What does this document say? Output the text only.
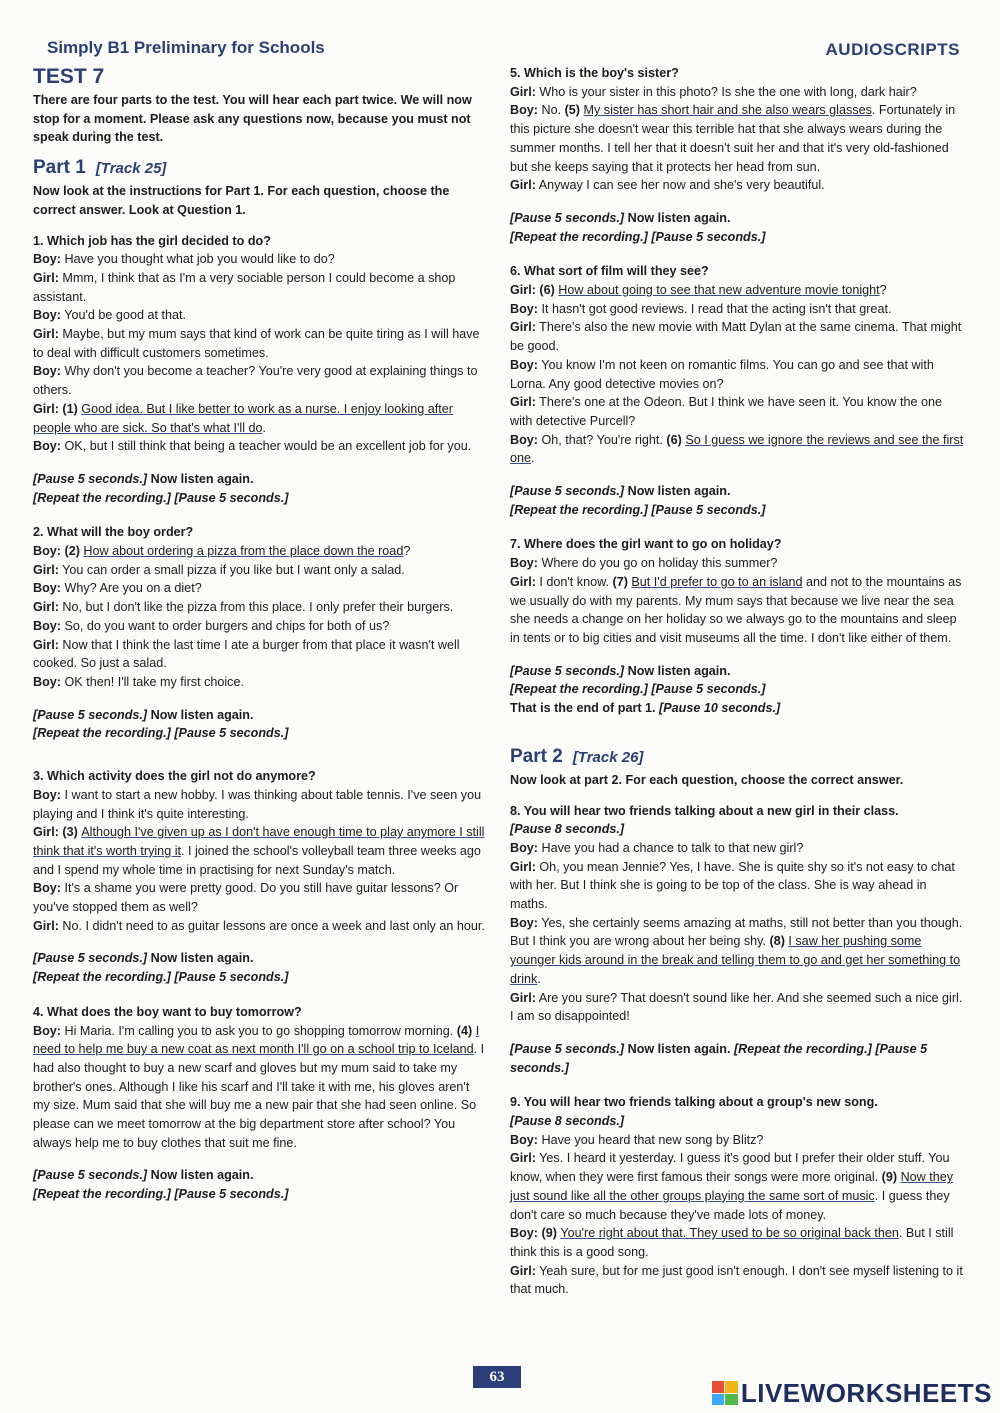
Simply B1 Preliminary for Schools	AUDIOSCRIPTS
TEST 7

There are four parts to the test. You will hear each part twice. We will now stop for a moment. Please ask any questions now, because you must not speak during the test.

Part 1 [Track 25]

Now look at the instructions for Part 1. For each question, choose the correct answer. Look at Question 1.

1. Which job has the girl decided to do?

Boy: Have you thought what job you would like to do?

Girl: Mmm, I think that as I'm a very sociable person I could become a shop assistant.

Boy: You'd be good at that.

Girl: Maybe, but my mum says that kind of work can be quite tiring as I will have to deal with difficult customers sometimes.

Boy: Why don't you become a teacher? You're very good at explaining things to others.

Girl: (1) Good idea. But I like better to work as a nurse. I enjoy looking after people who are sick. So that's what I'll do.

Boy: OK, but I still think that being a teacher would be an excellent job for you.

[Pause 5 seconds.] Now listen again.
[Repeat the recording.] [Pause 5 seconds.]

2. What will the boy order?

Boy: (2) How about ordering a pizza from the place down the road?

Girl: You can order a small pizza if you like but I want only a salad.

Boy: Why? Are you on a diet?

Girl: No, but I don't like the pizza from this place. I only prefer their burgers.

Boy: So, do you want to order burgers and chips for both of us?

Girl: Now that I think the last time I ate a burger from that place it wasn't well cooked. So just a salad.

Boy: OK then! I'll take my first choice.

[Pause 5 seconds.] Now listen again.
[Repeat the recording.] [Pause 5 seconds.]

3. Which activity does the girl not do anymore?

Boy: I want to start a new hobby. I was thinking about table tennis. I've seen you playing and I think it's quite interesting.

Girl: (3) Although I've given up as I don't have enough time to play anymore I still think that it's worth trying it. I joined the school's volleyball team three weeks ago and I spend my whole time in practising for next Sunday's match.

Boy: It's a shame you were pretty good. Do you still have guitar lessons? Or you've stopped them as well?

Girl: No. I didn't need to as guitar lessons are once a week and last only an hour.

[Pause 5 seconds.] Now listen again.
[Repeat the recording.] [Pause 5 seconds.]

4. What does the boy want to buy tomorrow?

Boy: Hi Maria. I'm calling you to ask you to go shopping tomorrow morning. (4) I need to help me buy a new coat as next month I'll go on a school trip to Iceland. I had also thought to buy a new scarf and gloves but my mum said to take my brother's ones. Although I like his scarf and I'll take it with me, his gloves aren't my size. Mum said that she will buy me a new pair that she had seen online. So please can we meet tomorrow at the big department store after school? You always help me to buy clothes that suit me fine.

[Pause 5 seconds.] Now listen again.
[Repeat the recording.] [Pause 5 seconds.]

5. Which is the boy's sister?

Girl: Who is your sister in this photo? Is she the one with long, dark hair?

Boy: No. (5) My sister has short hair and she also wears glasses. Fortunately in this picture she doesn't wear this terrible hat that she always wears during the summer months. I tell her that it doesn't suit her and that it's very old-fashioned but she keeps saying that it protects her head from sun.

Girl: Anyway I can see her now and she's very beautiful.

[Pause 5 seconds.] Now listen again.
[Repeat the recording.] [Pause 5 seconds.]

6. What sort of film will they see?

Girl: (6) How about going to see that new adventure movie tonight?

Boy: It hasn't got good reviews. I read that the acting isn't that great.

Girl: There's also the new movie with Matt Dylan at the same cinema. That might be good.

Boy: You know I'm not keen on romantic films. You can go and see that with Lorna. Any good detective movies on?

Girl: There's one at the Odeon. But I think we have seen it. You know the one with detective Purcell?

Boy: Oh, that? You're right. (6) So I guess we ignore the reviews and see the first one.

[Pause 5 seconds.] Now listen again.
[Repeat the recording.] [Pause 5 seconds.]

7. Where does the girl want to go on holiday?

Boy: Where do you go on holiday this summer?

Girl: I don't know. (7) But I'd prefer to go to an island and not to the mountains as we usually do with my parents. My mum says that because we live near the sea she needs a change on her holiday so we always go to the mountains and sleep in tents or to big cities and visit museums all the time. I don't like either of them.

[Pause 5 seconds.] Now listen again.
[Repeat the recording.] [Pause 5 seconds.]
That is the end of part 1. [Pause 10 seconds.]

Part 2 [Track 26]

Now look at part 2. For each question, choose the correct answer.

8. You will hear two friends talking about a new girl in their class.
[Pause 8 seconds.]

Boy: Have you had a chance to talk to that new girl?

Girl: Oh, you mean Jennie? Yes, I have. She is quite shy so it's not easy to chat with her. But I think she is going to be top of the class. She is way ahead in maths.

Boy: Yes, she certainly seems amazing at maths, still not better than you though. But I think you are wrong about her being shy. (8) I saw her pushing some younger kids around in the break and telling them to go and get her something to drink.

Girl: Are you sure? That doesn't sound like her. And she seemed such a nice girl. I am so disappointed!

[Pause 5 seconds.] Now listen again. [Repeat the recording.] [Pause 5 seconds.]

9. You will hear two friends talking about a group's new song.
[Pause 8 seconds.]

Boy: Have you heard that new song by Blitz?

Girl: Yes. I heard it yesterday. I guess it's good but I prefer their older stuff. You know, when they were first famous their songs were more original. (9) Now they just sound like all the other groups playing the same sort of music. I guess they don't care so much because they've made lots of money.

Boy: (9) You're right about that. They used to be so original back then. But I still think this is a good song.

Girl: Yeah sure, but for me just good isn't enough. I don't see myself listening to it that much.

63
LIVEWORKSHEETS
